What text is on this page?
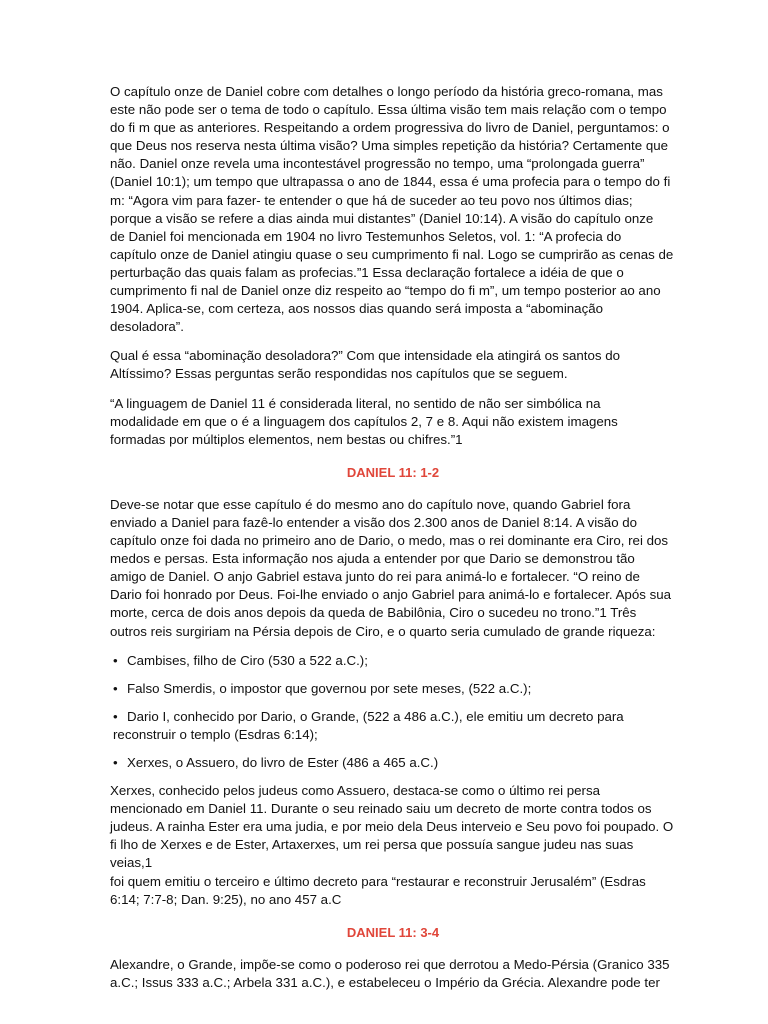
O capítulo onze de Daniel cobre com detalhes o longo período da história greco-romana, mas
este não pode ser o tema de todo o capítulo. Essa última visão tem mais relação com o tempo
do fi m que as anteriores. Respeitando a ordem progressiva do livro de Daniel, perguntamos: o
que Deus nos reserva nesta última visão? Uma simples repetição da história? Certamente que
não. Daniel onze revela uma incontestável progressão no tempo, uma “prolongada guerra”
(Daniel 10:1); um tempo que ultrapassa o ano de 1844, essa é uma profecia para o tempo do fi
m: “Agora vim para fazer- te entender o que há de suceder ao teu povo nos últimos dias;
porque a visão se refere a dias ainda mui distantes” (Daniel 10:14). A visão do capítulo onze
de Daniel foi mencionada em 1904 no livro Testemunhos Seletos, vol. 1: “A profecia do
capítulo onze de Daniel atingiu quase o seu cumprimento fi nal. Logo se cumprirão as cenas de
perturbação das quais falam as profecias.”1 Essa declaração fortalece a idéia de que o
cumprimento fi nal de Daniel onze diz respeito ao “tempo do fi m”, um tempo posterior ao ano
1904. Aplica-se, com certeza, aos nossos dias quando será imposta a “abominação
desoladora”.

Qual é essa “abominação desoladora?” Com que intensidade ela atingirá os santos do
Altíssimo? Essas perguntas serão respondidas nos capítulos que se seguem.

“A linguagem de Daniel 11 é considerada literal, no sentido de não ser simbólica na
modalidade em que o é a linguagem dos capítulos 2, 7 e 8. Aqui não existem imagens
formadas por múltiplos elementos, nem bestas ou chifres.”1

DANIEL 11: 1-2

Deve-se notar que esse capítulo é do mesmo ano do capítulo nove, quando Gabriel fora
enviado a Daniel para fazê-lo entender a visão dos 2.300 anos de Daniel 8:14. A visão do
capítulo onze foi dada no primeiro ano de Dario, o medo, mas o rei dominante era Ciro, rei dos
medos e persas. Esta informação nos ajuda a entender por que Dario se demonstrou tão
amigo de Daniel. O anjo Gabriel estava junto do rei para animá-lo e fortalecer. “O reino de
Dario foi honrado por Deus. Foi-lhe enviado o anjo Gabriel para animá-lo e fortalecer. Após sua
morte, cerca de dois anos depois da queda de Babilônia, Ciro o sucedeu no trono.”1 Três
outros reis surgiriam na Pérsia depois de Ciro, e o quarto seria cumulado de grande riqueza:

• Cambises, filho de Ciro (530 a 522 a.C.);

• Falso Smerdis, o impostor que governou por sete meses, (522 a.C.);

• Dario I, conhecido por Dario, o Grande, (522 a 486 a.C.), ele emitiu um decreto para
reconstruir o templo (Esdras 6:14);

• Xerxes, o Assuero, do livro de Ester (486 a 465 a.C.)

Xerxes, conhecido pelos judeus como Assuero, destaca-se como o último rei persa
mencionado em Daniel 11. Durante o seu reinado saiu um decreto de morte contra todos os
judeus. A rainha Ester era uma judia, e por meio dela Deus interveio e Seu povo foi poupado. O
fi lho de Xerxes e de Ester, Artaxerxes, um rei persa que possuía sangue judeu nas suas veias,1
foi quem emitiu o terceiro e último decreto para “restaurar e reconstruir Jerusalém” (Esdras
6:14; 7:7-8; Dan. 9:25), no ano 457 a.C

DANIEL 11: 3-4

Alexandre, o Grande, impõe-se como o poderoso rei que derrotou a Medo-Pérsia (Granico 335
a.C.; Issus 333 a.C.; Arbela 331 a.C.), e estabeleceu o Império da Grécia. Alexandre pode ter
